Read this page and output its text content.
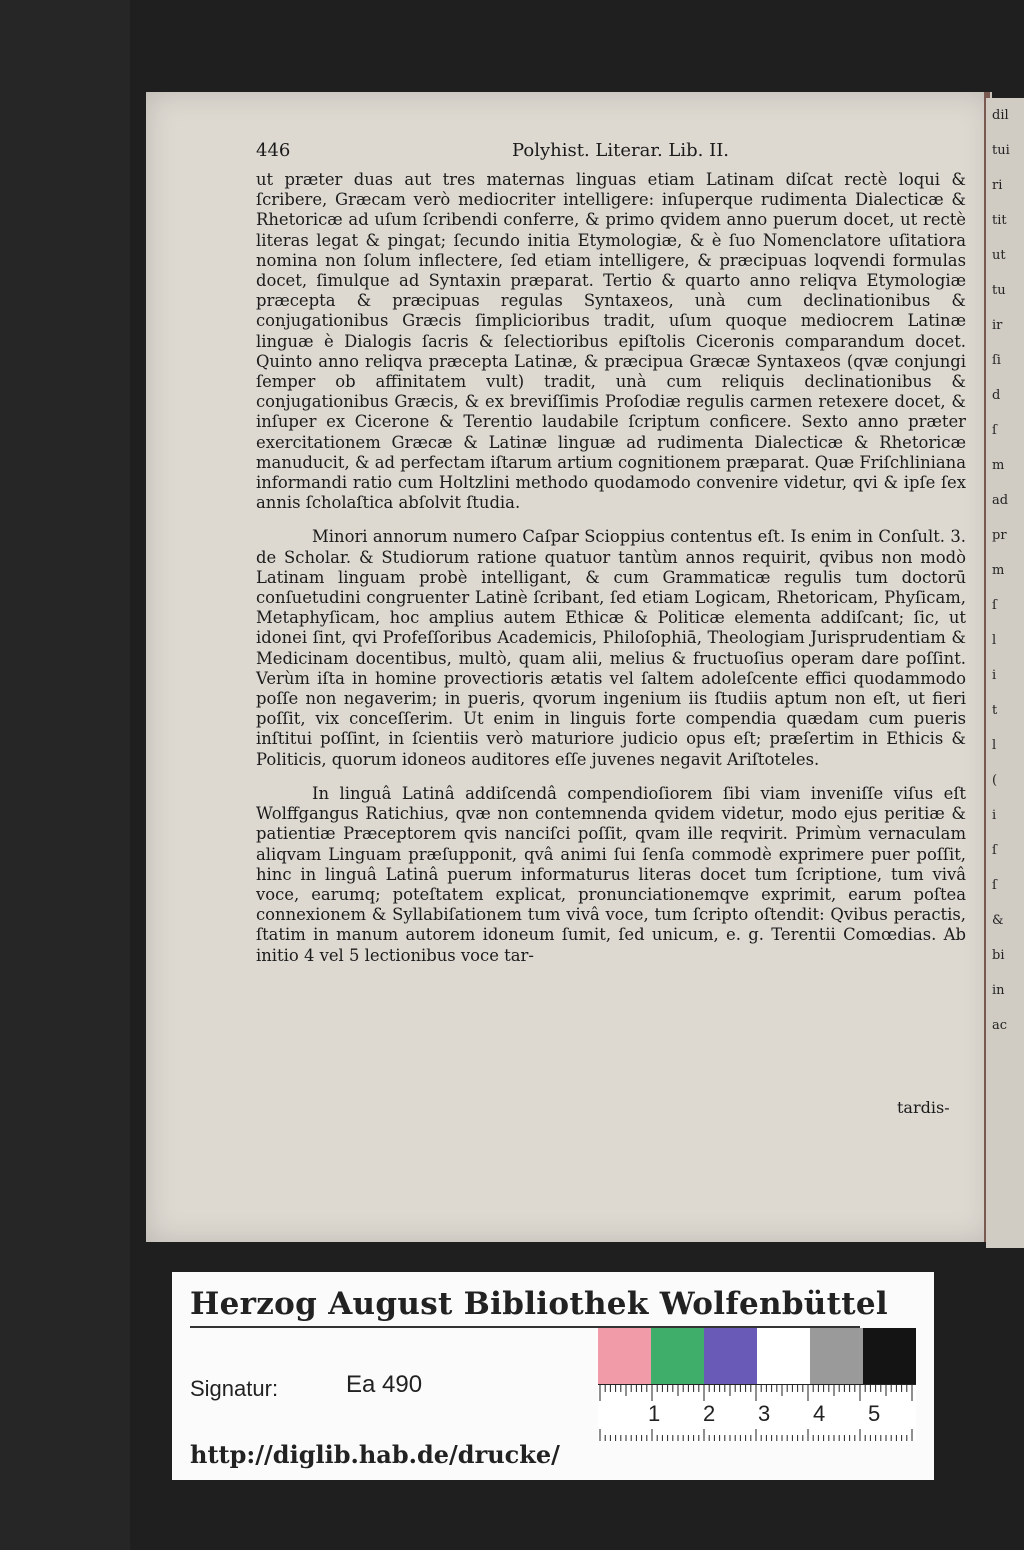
dil
tui
ri
tit
ut
tu
ir
ſi
d
ſ
m
ad
pr
m
ſ
l
i
t
l
(
i
ſ
ſ
&
bi
in
ac
446	Polyhist. Literar. Lib. II.

ut præter duas aut tres maternas linguas etiam Latinam diſcat rectè loqui & ſcribere, Græcam verò mediocriter intelligere: inſuperque rudimenta Dialecticæ & Rhetoricæ ad uſum ſcribendi conferre, & primo qvidem anno puerum docet, ut rectè literas legat & pingat; ſecundo initia Etymologiæ, & è ſuo Nomenclatore uſitatiora nomina non ſolum inflectere, ſed etiam intelligere, & præcipuas loqvendi formulas docet, ſimulque ad Syntaxin præparat. Tertio & quarto anno reliqva Etymologiæ præcepta & præcipuas regulas Syntaxeos, unà cum declinationibus & conjugationibus Græcis ſimplicioribus tradit, uſum quoque mediocrem Latinæ linguæ è Dialogis ſacris & ſelectioribus epiſtolis Ciceronis comparandum docet. Quinto anno reliqva præcepta Latinæ, & præcipua Græcæ Syntaxeos (qvæ conjungi ſemper ob affinitatem vult) tradit, unà cum reliquis declinationibus & conjugationibus Græcis, & ex breviſſimis Proſodiæ regulis carmen retexere docet, & inſuper ex Cicerone & Terentio laudabile ſcriptum conficere. Sexto anno præter exercitationem Græcæ & Latinæ linguæ ad rudimenta Dialecticæ & Rhetoricæ manuducit, & ad perfectam iſtarum artium cognitionem præparat. Quæ Friſchliniana informandi ratio cum Holtzlini methodo quodamodo convenire videtur, qvi & ipſe ſex annis ſcholaſtica abſolvit ſtudia.

Minori annorum numero Caſpar Scioppius contentus eſt. Is enim in Conſult. 3. de Scholar. & Studiorum ratione quatuor tantùm annos requirit, qvibus non modò Latinam linguam probè intelligant, & cum Grammaticæ regulis tum doctorū conſuetudini congruenter Latinè ſcribant, ſed etiam Logicam, Rhetoricam, Phyſicam, Metaphyſicam, hoc amplius autem Ethicæ & Politicæ elementa addiſcant; ſic, ut idonei ſint, qvi Profeſſoribus Academicis, Philoſophiā, Theologiam Jurisprudentiam & Medicinam docentibus, multò, quam alii, melius & fructuoſius operam dare poſſint. Verùm iſta in homine provectioris ætatis vel ſaltem adoleſcente effici quodammodo poſſe non negaverim; in pueris, qvorum ingenium iis ſtudiis aptum non eſt, ut fieri poſſit, vix conceſſerim. Ut enim in linguis forte compendia quædam cum pueris inſtitui poſſint, in ſcientiis verò maturiore judicio opus eſt; præſertim in Ethicis & Politicis, quorum idoneos auditores eſſe juvenes negavit Ariſtoteles.

In linguâ Latinâ addiſcendâ compendioſiorem ſibi viam inveniſſe viſus eſt Wolffgangus Ratichius, qvæ non contemnenda qvidem videtur, modo ejus peritiæ & patientiæ Præceptorem qvis nanciſci poſſit, qvam ille reqvirit. Primùm vernaculam aliqvam Linguam præſupponit, qvâ animi ſui ſenſa commodè exprimere puer poſſit, hinc in linguâ Latinâ puerum informaturus literas docet tum ſcriptione, tum vivâ voce, earumq; poteſtatem explicat, pronunciationemqve exprimit, earum poſtea connexionem & Syllabiſationem tum vivâ voce, tum ſcripto oſtendit: Qvibus peractis, ſtatim in manum autorem idoneum ſumit, ſed unicum, e. g. Terentii Comœdias. Ab initio 4 vel 5 lectionibus voce tar-

tardis-
Herzog August Bibliothek Wolfenbüttel
Signatur:	Ea 490
http://diglib.hab.de/drucke/
1 2 3 4 5
